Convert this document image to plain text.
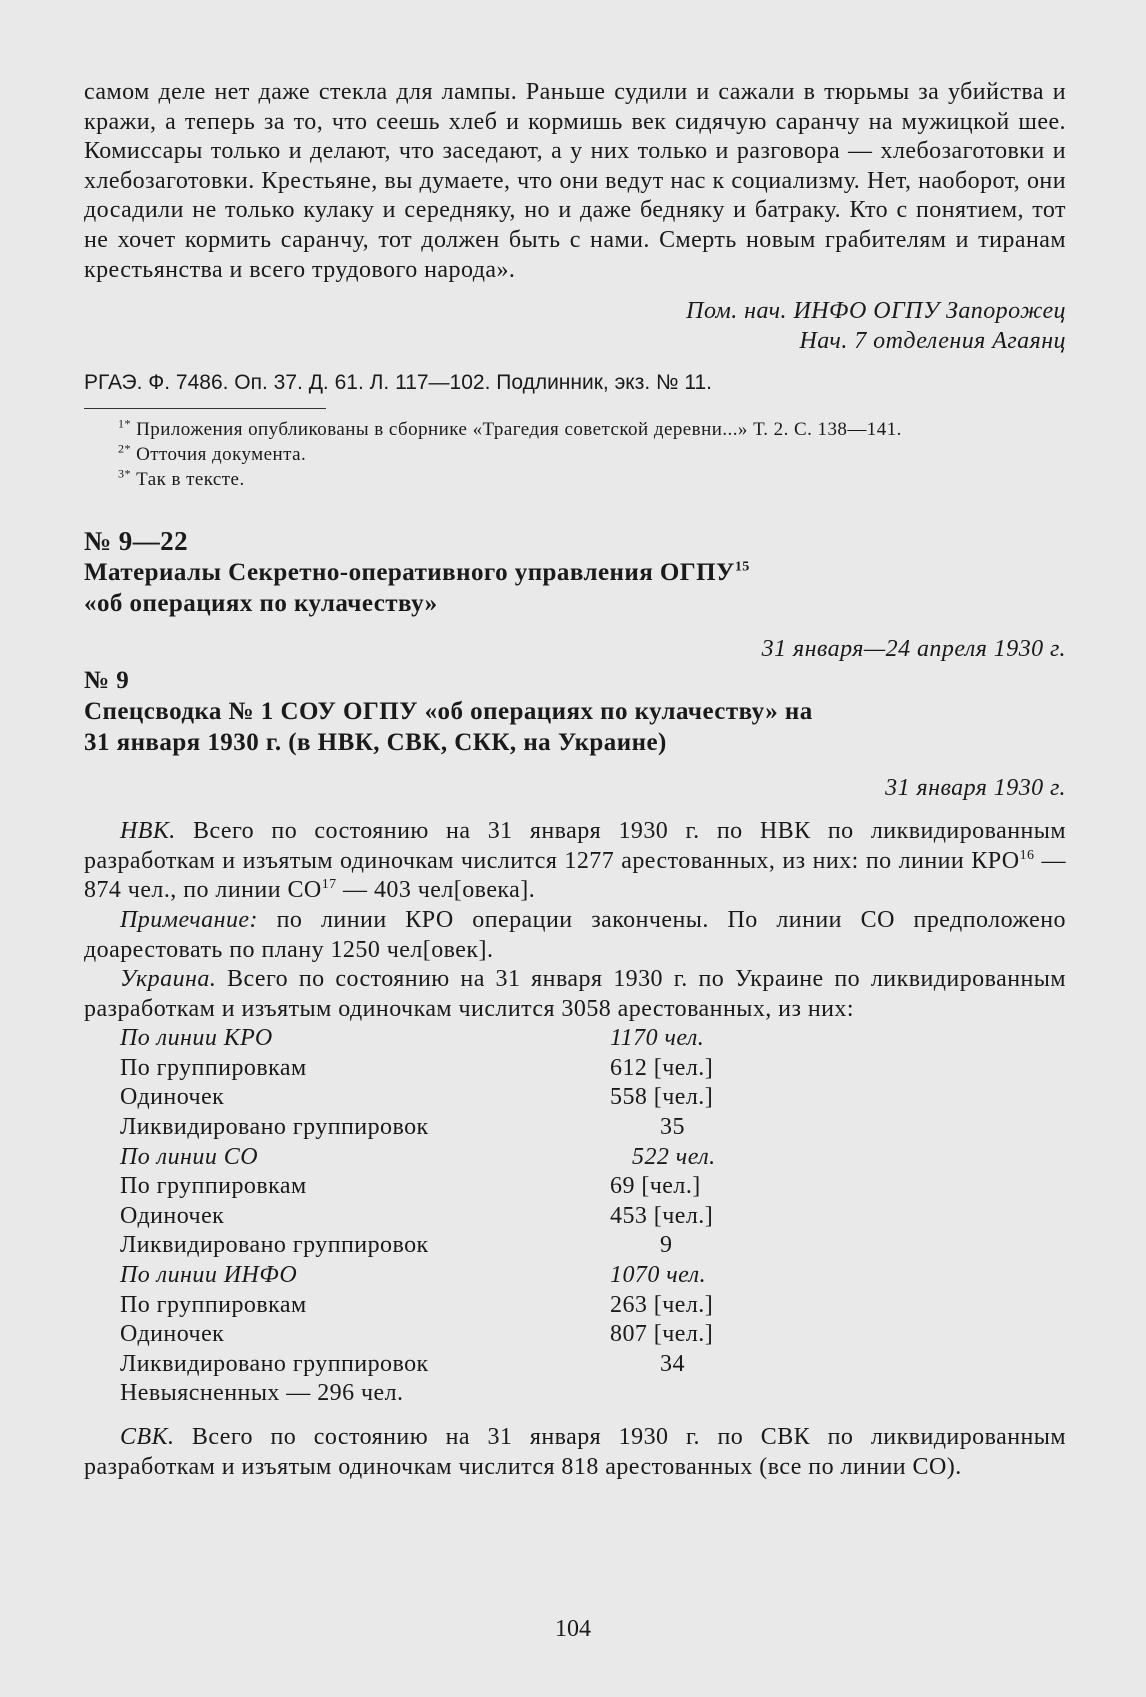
самом деле нет даже стекла для лампы. Раньше судили и сажали в тюрьмы за убийства и кражи, а теперь за то, что сеешь хлеб и кормишь век сидячую саранчу на мужицкой шее. Комиссары только и делают, что заседают, а у них только и разговора — хлебозаготовки и хлебозаготовки. Крестьяне, вы думаете, что они ведут нас к социализму. Нет, наоборот, они досадили не только кулаку и середняку, но и даже бедняку и батраку. Кто с понятием, тот не хочет кормить саранчу, тот должен быть с нами. Смерть новым грабителям и тиранам крестьянства и всего трудового народа».

Пом. нач. ИНФО ОГПУ Запорожец

Нач. 7 отделения Агаянц

РГАЭ. Ф. 7486. Оп. 37. Д. 61. Л. 117—102. Подлинник, экз. № 11.

$^{1*}$ Приложения опубликованы в сборнике «Трагедия советской деревни...» Т. 2. С. 138—141.

$^{2*}$ Отточия документа.

$^{3*}$ Так в тексте.

№ 9—22

Материалы Секретно-оперативного управления ОГПУ$^{15}$

«об операциях по кулачеству»

31 января—24 апреля 1930 г.

№ 9

Спецсводка № 1 СОУ ОГПУ «об операциях по кулачеству» на 31 января 1930 г. (в НВК, СВК, СКК, на Украине)

31 января 1930 г.

НВК. Всего по состоянию на 31 января 1930 г. по НВК по ликвидированным разработкам и изъятым одиночкам числится 1277 арестованных, из них: по линии КРО$^{16}$ — 874 чел., по линии СО$^{17}$ — 403 чел[овека].

Примечание: по линии КРО операции закончены. По линии СО предположено доарестовать по плану 1250 чел[овек].

Украина. Всего по состоянию на 31 января 1930 г. по Украине по ликвидированным разработкам и изъятым одиночкам числится 3058 арестованных, из них:

По линии КРО	1170 чел.
По группировкам	612 [чел.]
Одиночек	558 [чел.]
Ликвидировано группировок	35
По линии СО	522 чел.
По группировкам	69 [чел.]
Одиночек	453 [чел.]
Ликвидировано группировок	9
По линии ИНФО	1070 чел.
По группировкам	263 [чел.]
Одиночек	807 [чел.]
Ликвидировано группировок	34

Невыясненных — 296 чел.

СВК. Всего по состоянию на 31 января 1930 г. по СВК по ликвидированным разработкам и изъятым одиночкам числится 818 арестованных (все по линии СО).

104
